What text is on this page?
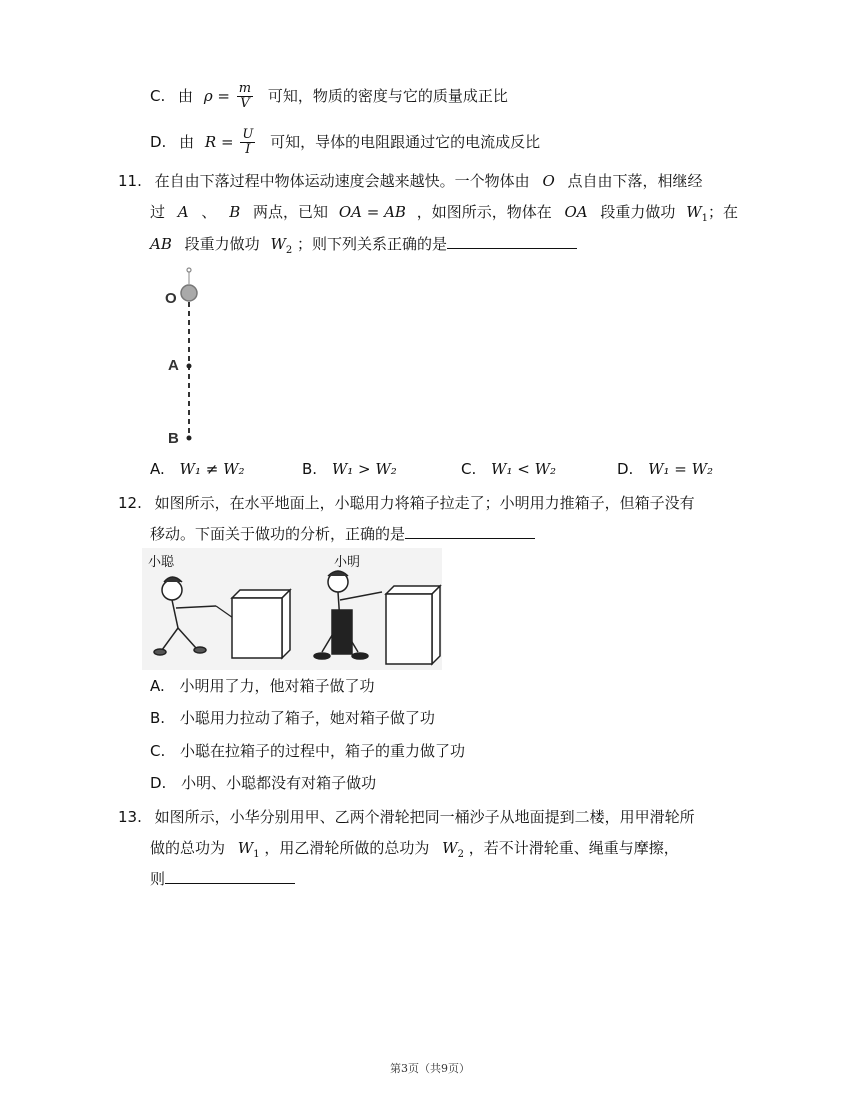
C. 由 $\rho = \frac{m}{V}$ 可知，物质的密度与它的质量成正比
D. 由 $R = \frac{U}{I}$ 可知，导体的电阻跟通过它的电流成反比
11. 在自由下落过程中物体运动速度会越来越快。一个物体由 O 点自由下落，相继经
过 A 、 B 两点，已知 OA = AB ，如图所示，物体在 OA 段重力做功 $W_1$；在
AB 段重力做功 $W_2$ ；则下列关系正确的是
O
A
B
A. W₁ ≠ W₂	B. W₁ > W₂	C. W₁ < W₂	D. W₁ = W₂
12. 如图所示，在水平地面上，小聪用力将箱子拉走了；小明用力推箱子，但箱子没有
移动。下面关于做功的分析，正确的是
小聪	小明
A. 小明用了力，他对箱子做了功
B. 小聪用力拉动了箱子，她对箱子做了功
C. 小聪在拉箱子的过程中，箱子的重力做了功
D. 小明、小聪都没有对箱子做功
13. 如图所示，小华分别用甲、乙两个滑轮把同一桶沙子从地面提到二楼，用甲滑轮所
做的总功为 $W_1$ ，用乙滑轮所做的总功为 $W_2$ ，若不计滑轮重、绳重与摩擦，
则
第3页（共9页）
